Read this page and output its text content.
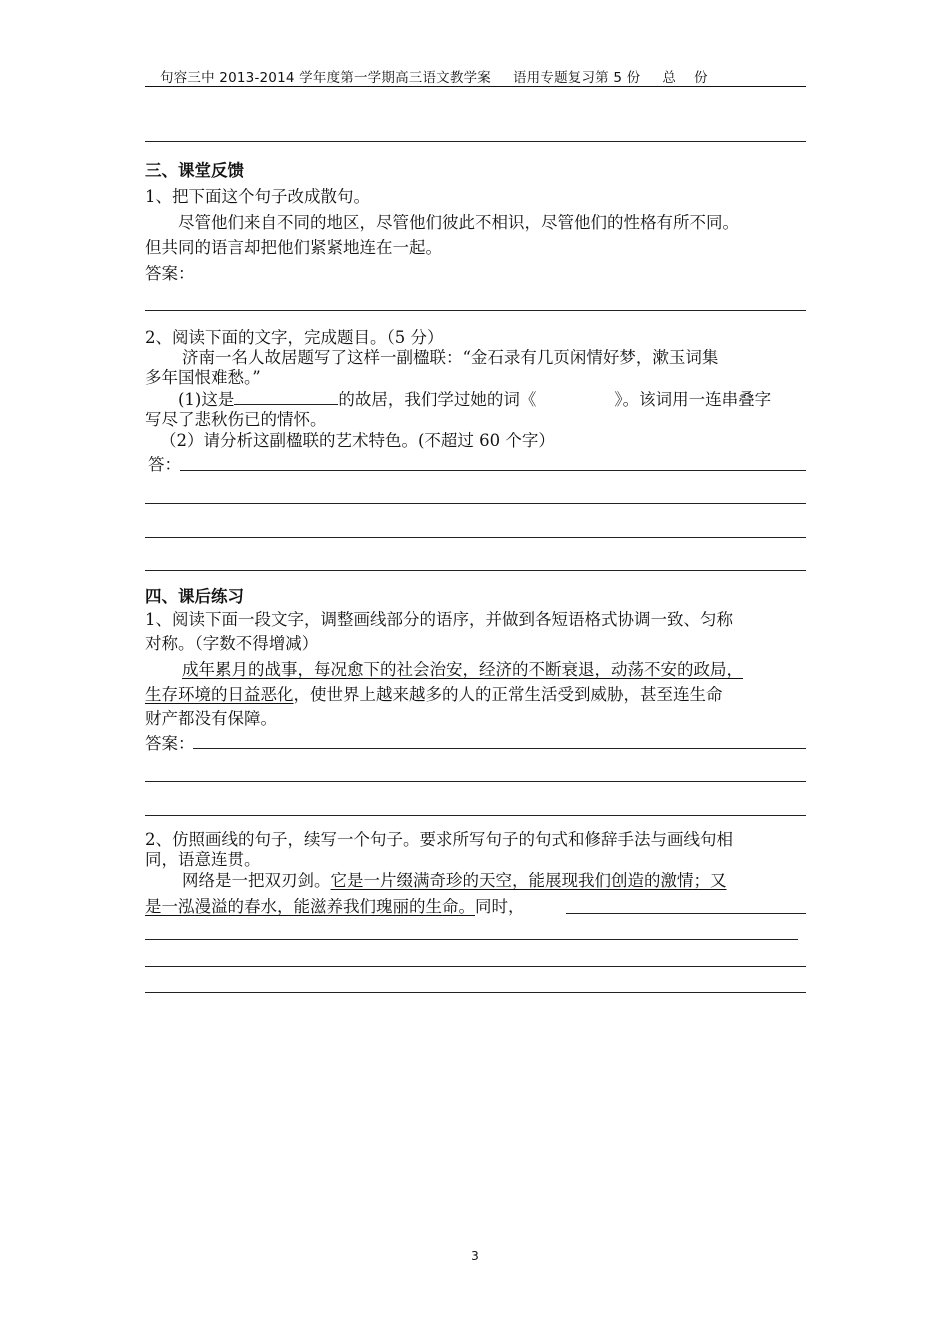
句容三中 2013-2014 学年度第一学期高三语文教学案 语用专题复习第 5 份 总 份
三、课堂反馈
1、把下面这个句子改成散句。
尽管他们来自不同的地区，尽管他们彼此不相识，尽管他们的性格有所不同。
但共同的语言却把他们紧紧地连在一起。
答案：
2、阅读下面的文字，完成题目。（5 分）
济南一名人故居题写了这样一副楹联：“金石录有几页闲情好梦，漱玉词集
多年国恨难愁。”
(1)这是	的故居，我们学过她的词《	》。该词用一连串叠字
写尽了悲秋伤已的情怀。
（2）请分析这副楹联的艺术特色。(不超过 60 个字）
答：
四、课后练习
1、阅读下面一段文字，调整画线部分的语序，并做到各短语格式协调一致、匀称
对称。（字数不得增减）
成年累月的战事，每况愈下的社会治安，经济的不断衰退，动荡不安的政局，
生存环境的日益恶化，使世界上越来越多的人的正常生活受到威胁，甚至连生命
财产都没有保障。
答案：
2、仿照画线的句子，续写一个句子。要求所写句子的句式和修辞手法与画线句相
同，语意连贯。
网络是一把双刃剑。它是一片缀满奇珍的天空，能展现我们创造的激情；又
是一泓漫溢的春水，能滋养我们瑰丽的生命。同时，
3
